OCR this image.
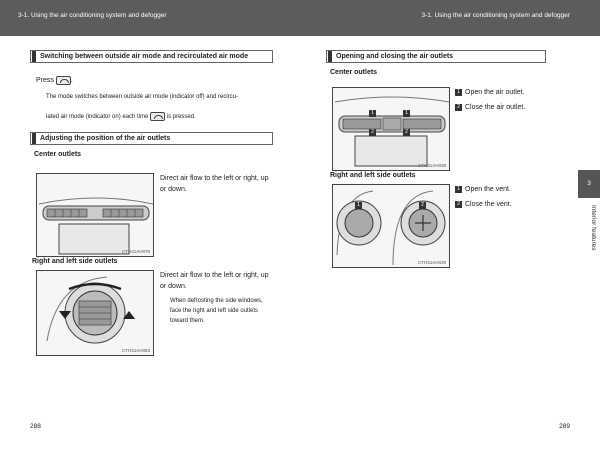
3-1. Using the air conditioning system and defogger	3-1. Using the air conditioning system and defogger
Switching between outside air mode and recirculated air mode
Press .
The mode switches between outside air mode (indicator off) and recircu-
lated air mode (indicator on) each time	is pressed.
Adjusting the position of the air outlets
Center outlets
CTH31AH076
Direct air flow to the left or right, up or down.
Right and left side outlets
CTH31AH083
Direct air flow to the left or right, up or down.
When defrosting the side windows, face the right and left side outlets toward them.
Opening and closing the air outlets
Center outlets
1	1
2	2
CTH31AH038
1 Open the air outlet.
2 Close the air outlet.
Right and left side outlets
1	2
CTH31AH039
1 Open the vent.
2 Close the vent.
3
Interior features
288	289
